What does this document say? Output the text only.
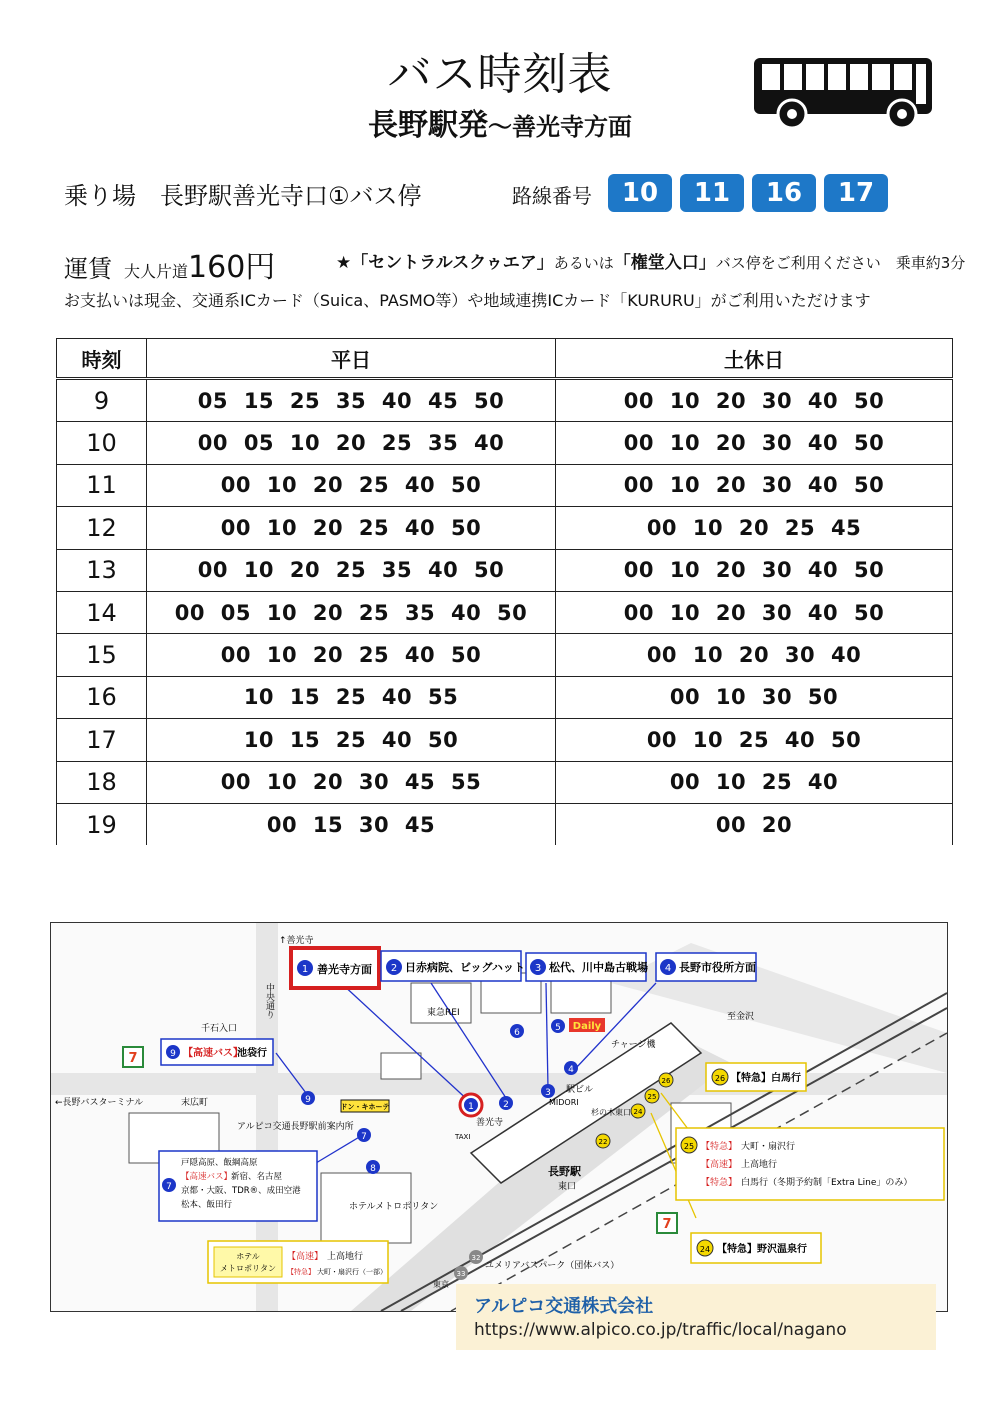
バス時刻表
長野駅発～善光寺方面
乗り場　長野駅善光寺口①バス停	路線番号	10	11	16	17
運賃 大人片道160円	★「セントラルスクゥエア」あるいは「権堂入口」バス停をご利用ください　乗車約3分
お支払いは現金、交通系ICカード（Suica、PASMO等）や地域連携ICカード「KURURU」がご利用いただけます
時刻	平日	土休日
9	05 15 25 35 40 45 50	00 10 20 30 40 50
10	00 05 10 20 25 35 40	00 10 20 30 40 50
11	00 10 20 25 40 50	00 10 20 30 40 50
12	00 10 20 25 40 50	00 10 20 25 45
13	00 10 20 25 35 40 50	00 10 20 30 40 50
14	00 05 10 20 25 35 40 50	00 10 20 30 40 50
15	00 10 20 25 40 50	00 10 20 30 40
16	10 15 25 40 55	00 10 30 50
17	10 15 25 40 50	00 10 25 40 50
18	00 10 20 30 45 55	00 10 25 40
19	00 15 30 45	00 20
1 善光寺方面 2 日赤病院、ビッグハット 3 松代、川中島古戦場 4 長野市役所方面
9 【高速バス】
池袋行
7
戸隠高原、飯綱高原
【高速バス】
新宿、名古屋
京都・大阪、TDR®、成田空港
松本、飯田行
26 【特急】白馬行
25 【特急】 大町・扇沢行
【高速】 上高地行
【特急】 白馬行（冬期予約制「Extra Line」のみ）
24 【特急】野沢温泉行
ホテル
メトロポリタン
【高速】 上高地行
【特急】 大町・扇沢行（一部）
1	2
3
4
5
6
7
8
9
22
24
25
26
32
33
7
7
Daily
ドン・キホーテ
↑善光寺
千石入口
←長野バスターミナル	末広町
東急REI
アルピコ交通長野駅前案内所
チャージ機
駅ビル
MIDORI
杉の木東口
善光寺
TAXI
長野駅
東口
ホテルメトロポリタン
ユメリアバスパーク（団体バス）
東京
至金沢
中央通り
アルピコ交通株式会社
https://www.alpico.co.jp/traffic/local/nagano
